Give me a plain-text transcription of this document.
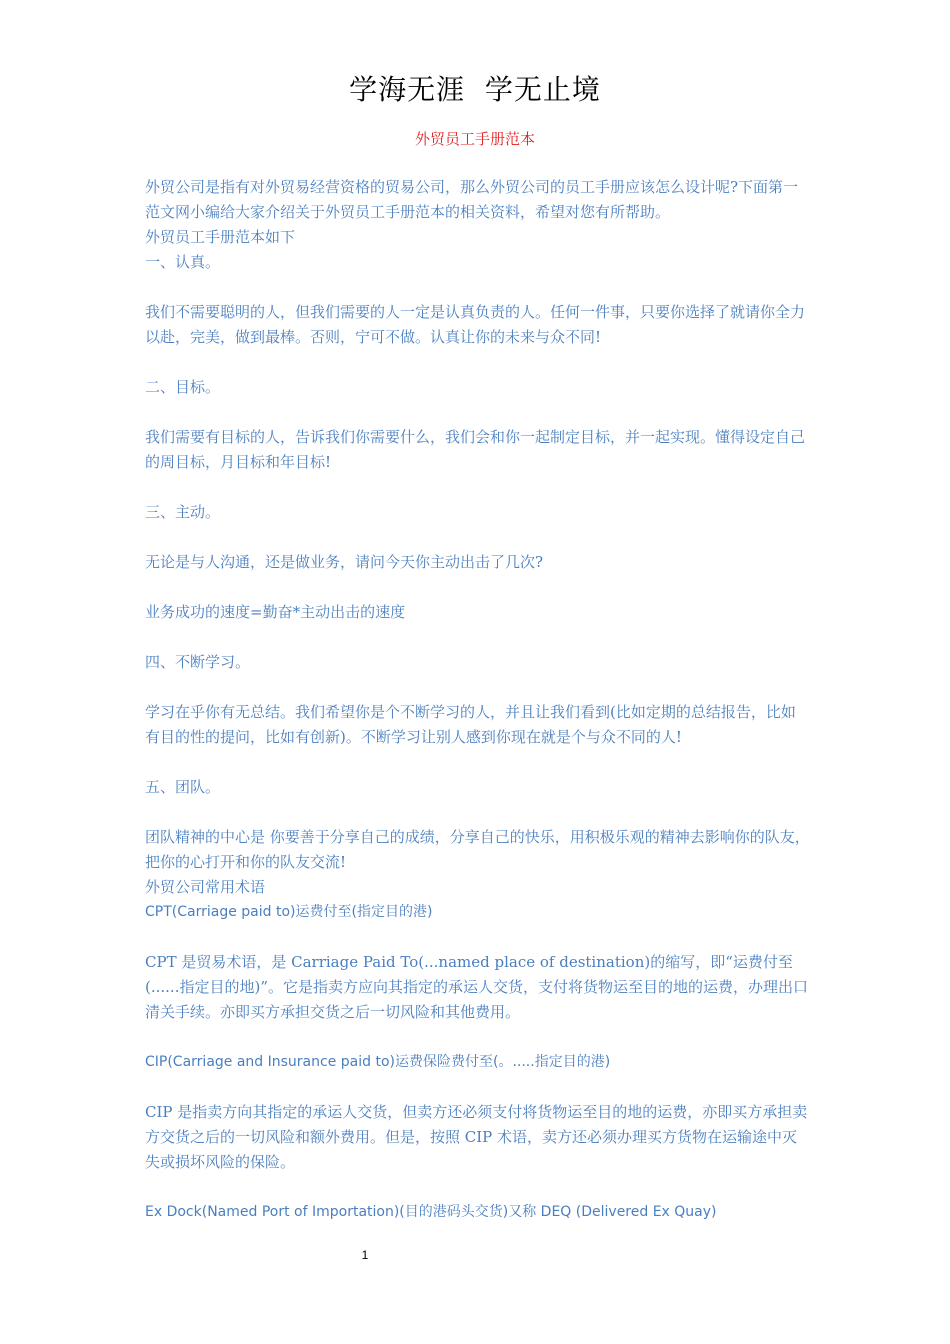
学海无涯  学无止境
外贸员工手册范本

外贸公司是指有对外贸易经营资格的贸易公司，那么外贸公司的员工手册应该怎么设计呢?下面第一范文网小编给大家介绍关于外贸员工手册范本的相关资料，希望对您有所帮助。

外贸员工手册范本如下

一、认真。

我们不需要聪明的人，但我们需要的人一定是认真负责的人。任何一件事，只要你选择了就请你全力以赴，完美，做到最棒。否则，宁可不做。认真让你的未来与众不同!

二、目标。

我们需要有目标的人，告诉我们你需要什么，我们会和你一起制定目标，并一起实现。懂得设定自己的周目标，月目标和年目标!

三、主动。

无论是与人沟通，还是做业务，请问今天你主动出击了几次?

业务成功的速度=勤奋*主动出击的速度

四、不断学习。

学习在乎你有无总结。我们希望你是个不断学习的人，并且让我们看到(比如定期的总结报告，比如有目的性的提问，比如有创新)。不断学习让别人感到你现在就是个与众不同的人!

五、团队。

团队精神的中心是 你要善于分享自己的成绩，分享自己的快乐，用积极乐观的精神去影响你的队友，把你的心打开和你的队友交流!

外贸公司常用术语

CPT(Carriage paid to)运费付至(指定目的港)

CPT 是贸易术语，是 Carriage Paid To(...named place of destination)的缩写，即“运费付至(......指定目的地)”。它是指卖方应向其指定的承运人交货，支付将货物运至目的地的运费，办理出口清关手续。亦即买方承担交货之后一切风险和其他费用。

CIP(Carriage and Insurance paid to)运费保险费付至(。.....指定目的港)

CIP 是指卖方向其指定的承运人交货，但卖方还必须支付将货物运至目的地的运费，亦即买方承担卖方交货之后的一切风险和额外费用。但是，按照 CIP 术语，卖方还必须办理买方货物在运输途中灭失或损坏风险的保险。

Ex Dock(Named Port of Importation)(目的港码头交货)又称 DEQ (Delivered Ex Quay)

1
